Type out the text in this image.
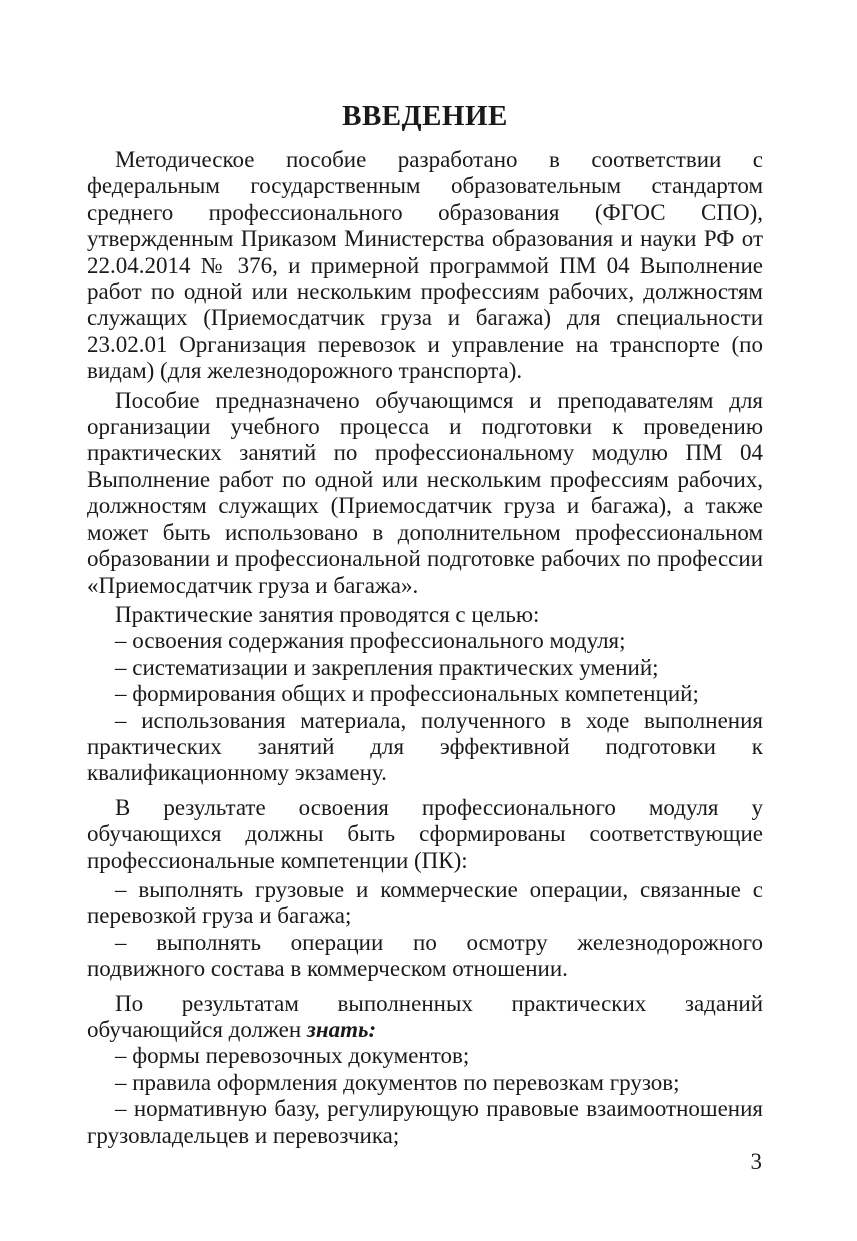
ВВЕДЕНИЕ

Методическое пособие разработано в соответствии с федеральным государственным образовательным стандартом среднего профессионального образования (ФГОС СПО), утвержденным Приказом Министерства образования и науки РФ от 22.04.2014 № 376, и примерной программой ПМ 04 Выполнение работ по одной или нескольким профессиям рабочих, должностям служащих (Приемосдатчик груза и багажа) для специальности 23.02.01 Организация перевозок и управление на транспорте (по видам) (для железнодорожного транспорта).

Пособие предназначено обучающимся и преподавателям для организации учебного процесса и подготовки к проведению практических занятий по профессиональному модулю ПМ 04 Выполнение работ по одной или нескольким профессиям рабочих, должностям служащих (Приемосдатчик груза и багажа), а также может быть использовано в дополнительном профессиональном образовании и профессиональной подготовке рабочих по профессии «Приемосдатчик груза и багажа».

Практические занятия проводятся с целью:

– освоения содержания профессионального модуля;

– систематизации и закрепления практических умений;

– формирования общих и профессиональных компетенций;

– использования материала, полученного в ходе выполнения практических занятий для эффективной подготовки к квалификационному экзамену.

В результате освоения профессионального модуля у обучающихся должны быть сформированы соответствующие профессиональные компетенции (ПК):

– выполнять грузовые и коммерческие операции, связанные с перевозкой груза и багажа;

– выполнять операции по осмотру железнодорожного подвижного состава в коммерческом отношении.

По результатам выполненных практических заданий обучающийся должен знать:

– формы перевозочных документов;

– правила оформления документов по перевозкам грузов;

– нормативную базу, регулирующую правовые взаимоотношения грузовладельцев и перевозчика;

3
